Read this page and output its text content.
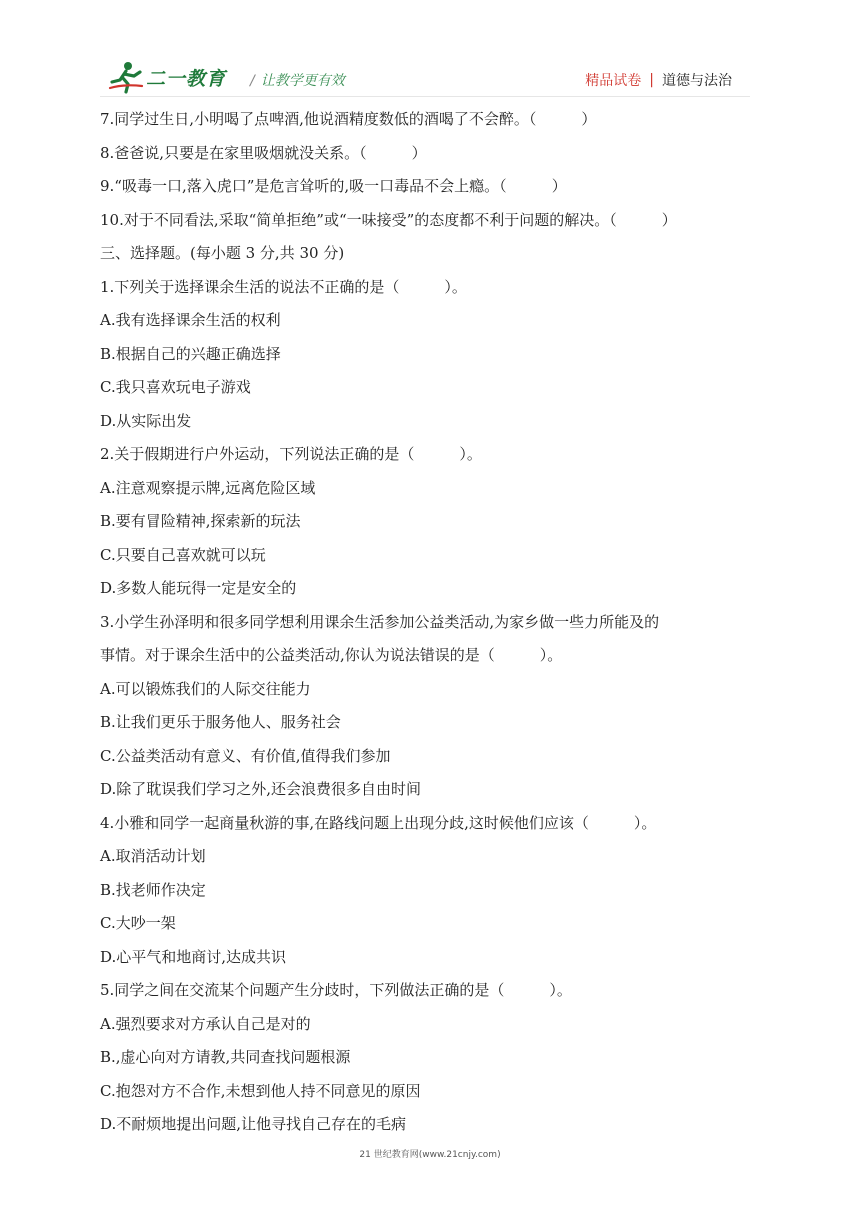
二一教育 / 让教学更有效	精品试卷 | 道德与法治
7.同学过生日,小明喝了点啤酒,他说酒精度数低的酒喝了不会醉。（　　　）
8.爸爸说,只要是在家里吸烟就没关系。（　　　）
9.“吸毒一口,落入虎口”是危言耸听的,吸一口毒品不会上瘾。（　　　）
10.对于不同看法,采取“简单拒绝”或“一味接受”的态度都不利于问题的解决。（　　　）
三、选择题。(每小题 3 分,共 30 分)
1.下列关于选择课余生活的说法不正确的是（　　　）。
A.我有选择课余生活的权利
B.根据自己的兴趣正确选择
C.我只喜欢玩电子游戏
D.从实际出发
2.关于假期进行户外运动，下列说法正确的是（　　　）。
A.注意观察提示牌,远离危险区域
B.要有冒险精神,探索新的玩法
C.只要自己喜欢就可以玩
D.多数人能玩得一定是安全的
3.小学生孙泽明和很多同学想利用课余生活参加公益类活动,为家乡做一些力所能及的
事情。对于课余生活中的公益类活动,你认为说法错误的是（　　　）。
A.可以锻炼我们的人际交往能力
B.让我们更乐于服务他人、服务社会
C.公益类活动有意义、有价值,值得我们参加
D.除了耽误我们学习之外,还会浪费很多自由时间
4.小雅和同学一起商量秋游的事,在路线问题上出现分歧,这时候他们应该（　　　）。
A.取消活动计划
B.找老师作决定
C.大吵一架
D.心平气和地商讨,达成共识
5.同学之间在交流某个问题产生分歧时，下列做法正确的是（　　　）。
A.强烈要求对方承认自己是对的
B.,虚心向对方请教,共同查找问题根源
C.抱怨对方不合作,未想到他人持不同意见的原因
D.不耐烦地提出问题,让他寻找自己存在的毛病
21 世纪教育网(www.21cnjy.com)
